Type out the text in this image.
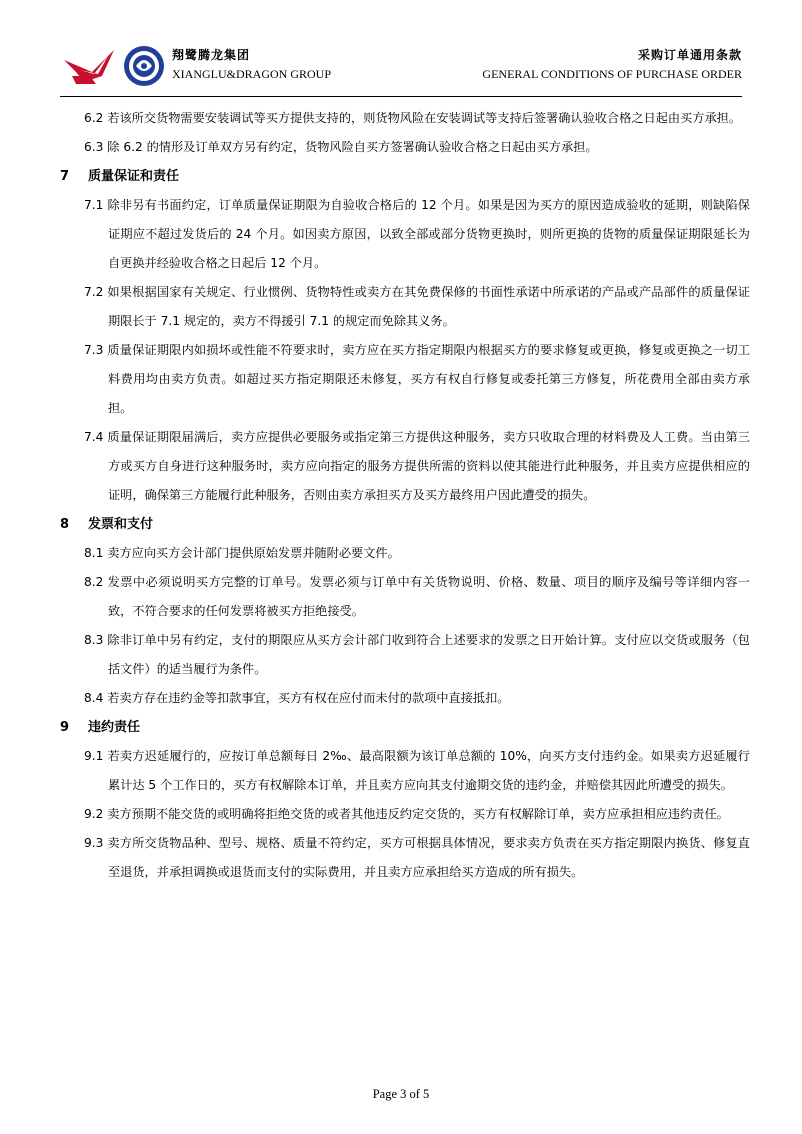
翔鹭腾龙集团
XIANGLU&DRAGON GROUP
采购订单通用条款
GENERAL CONDITIONS OF PURCHASE ORDER

6.2 若该所交货物需要安装调试等买方提供支持的，则货物风险在安装调试等支持后签署确认验收合格之日起由买方承担。

6.3 除 6.2 的情形及订单双方另有约定，货物风险自买方签署确认验收合格之日起由买方承担。

7 质量保证和责任

7.1 除非另有书面约定，订单质量保证期限为自验收合格后的 12 个月。如果是因为买方的原因造成验收的延期，则缺陷保证期应不超过发货后的 24 个月。如因卖方原因，以致全部或部分货物更换时，则所更换的货物的质量保证期限延长为自更换并经验收合格之日起后 12 个月。

7.2 如果根据国家有关规定、行业惯例、货物特性或卖方在其免费保修的书面性承诺中所承诺的产品或产品部件的质量保证期限长于 7.1 规定的，卖方不得援引 7.1 的规定而免除其义务。

7.3 质量保证期限内如损坏或性能不符要求时，卖方应在买方指定期限内根据买方的要求修复或更换，修复或更换之一切工料费用均由卖方负责。如超过买方指定期限还未修复，买方有权自行修复或委托第三方修复，所花费用全部由卖方承担。

7.4 质量保证期限届满后，卖方应提供必要服务或指定第三方提供这种服务，卖方只收取合理的材料费及人工费。当由第三方或买方自身进行这种服务时，卖方应向指定的服务方提供所需的资料以使其能进行此种服务，并且卖方应提供相应的证明，确保第三方能履行此种服务，否则由卖方承担买方及买方最终用户因此遭受的损失。

8 发票和支付

8.1 卖方应向买方会计部门提供原始发票并随附必要文件。

8.2 发票中必须说明买方完整的订单号。发票必须与订单中有关货物说明、价格、数量、项目的顺序及编号等详细内容一致，不符合要求的任何发票将被买方拒绝接受。

8.3 除非订单中另有约定，支付的期限应从买方会计部门收到符合上述要求的发票之日开始计算。支付应以交货或服务（包括文件）的适当履行为条件。

8.4 若卖方存在违约金等扣款事宜，买方有权在应付而未付的款项中直接抵扣。

9 违约责任

9.1 若卖方迟延履行的，应按订单总额每日 2‰、最高限额为该订单总额的 10%，向买方支付违约金。如果卖方迟延履行累计达 5 个工作日的，买方有权解除本订单，并且卖方应向其支付逾期交货的违约金，并赔偿其因此所遭受的损失。

9.2 卖方预期不能交货的或明确将拒绝交货的或者其他违反约定交货的，买方有权解除订单，卖方应承担相应违约责任。

9.3 卖方所交货物品种、型号、规格、质量不符约定，买方可根据具体情况，要求卖方负责在买方指定期限内换货、修复直至退货，并承担调换或退货而支付的实际费用，并且卖方应承担给买方造成的所有损失。

Page 3 of 5
